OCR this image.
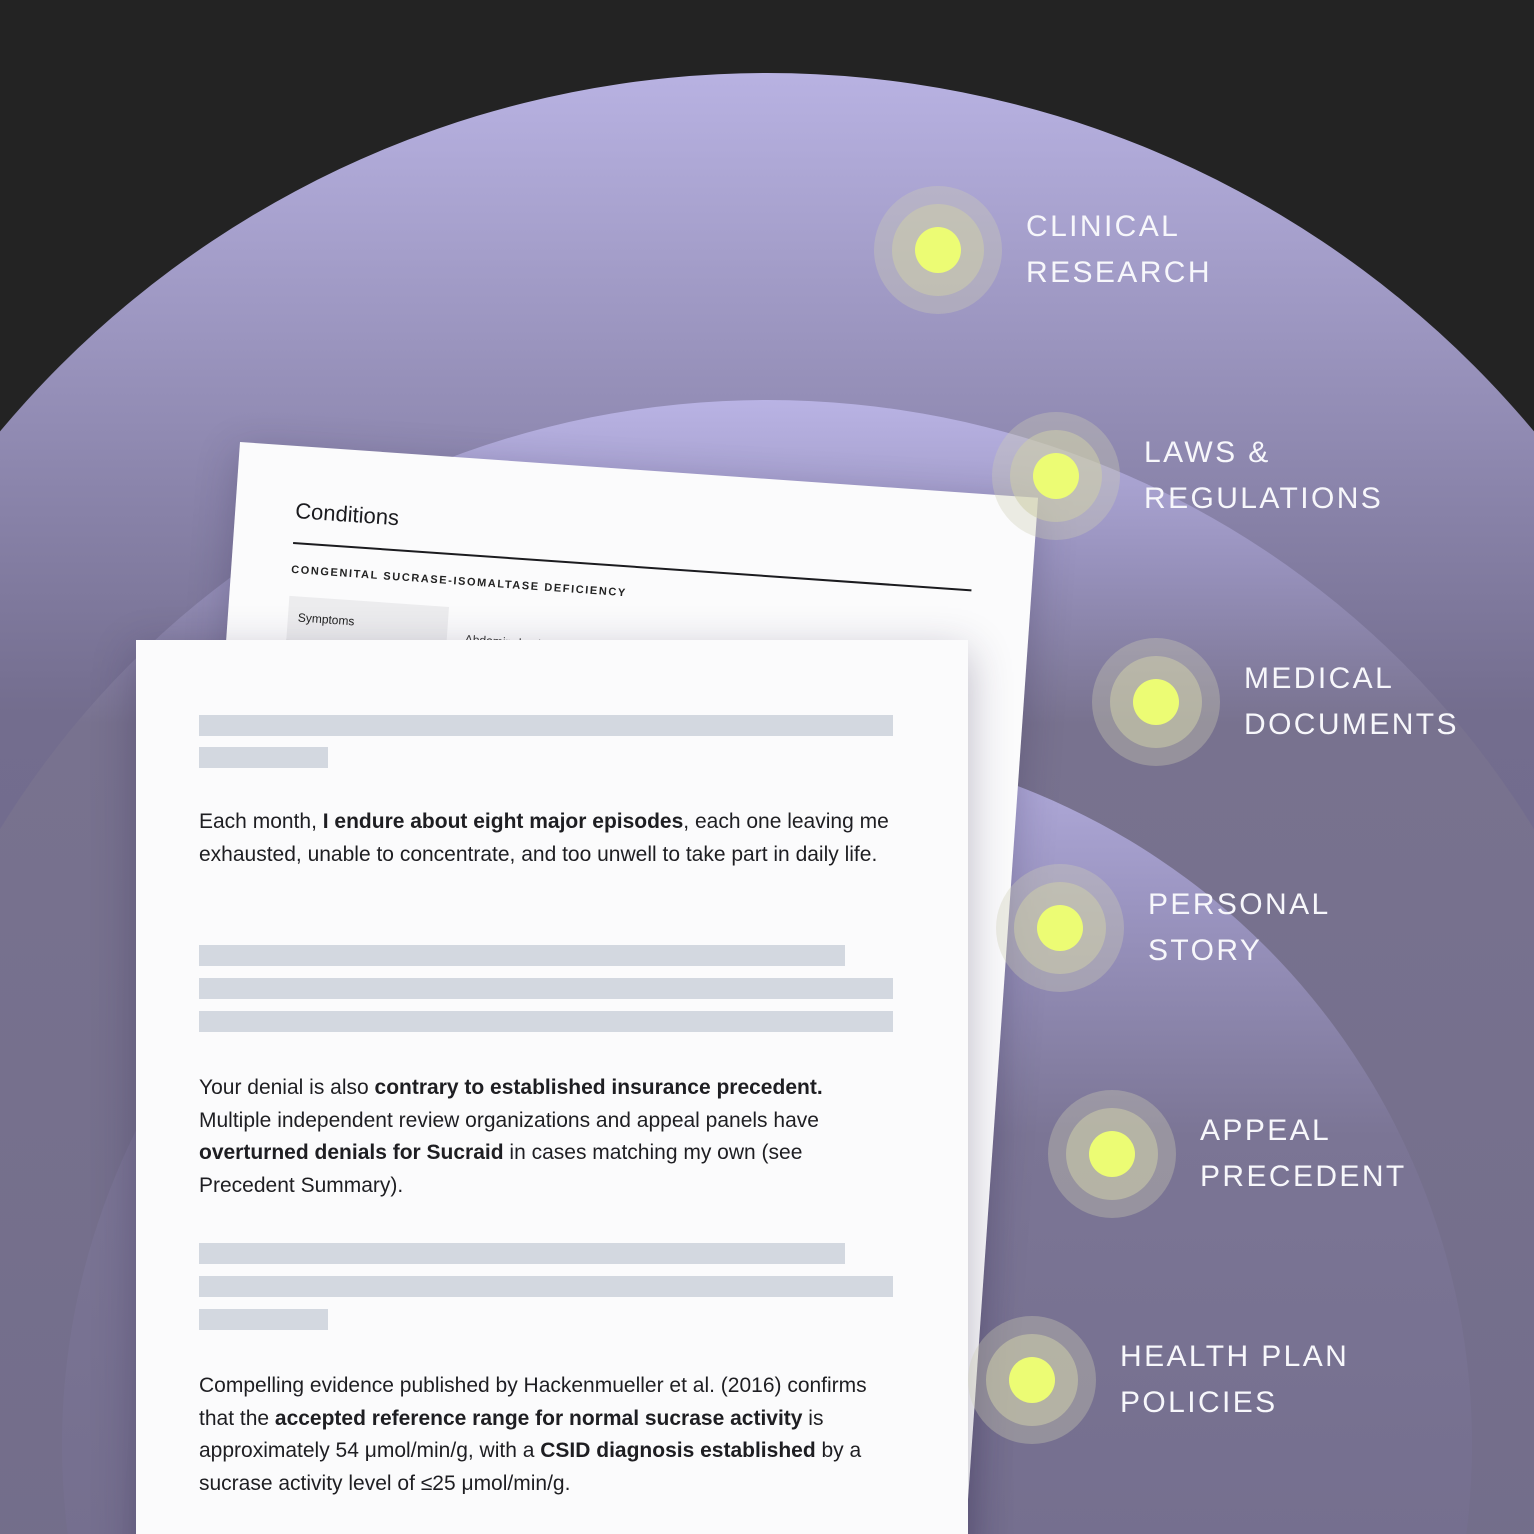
Conditions
CONGENITAL SUCRASE-ISOMALTASE DEFICIENCY
Symptoms

Each month, I endure about eight major episodes, each one leaving me exhausted, unable to concentrate, and too unwell to take part in daily life.

Your denial is also contrary to established insurance precedent. Multiple independent review organizations and appeal panels have overturned denials for Sucraid in cases matching my own (see Precedent Summary).

Compelling evidence published by Hackenmueller et al. (2016) confirms that the accepted reference range for normal sucrase activity is approximately 54 μmol/min/g, with a CSID diagnosis established by a sucrase activity level of ≤25 μmol/min/g.

CLINICAL
RESEARCH
LAWS &
REGULATIONS
MEDICAL
DOCUMENTS
PERSONAL
STORY
APPEAL
PRECEDENT
HEALTH PLAN
POLICIES
